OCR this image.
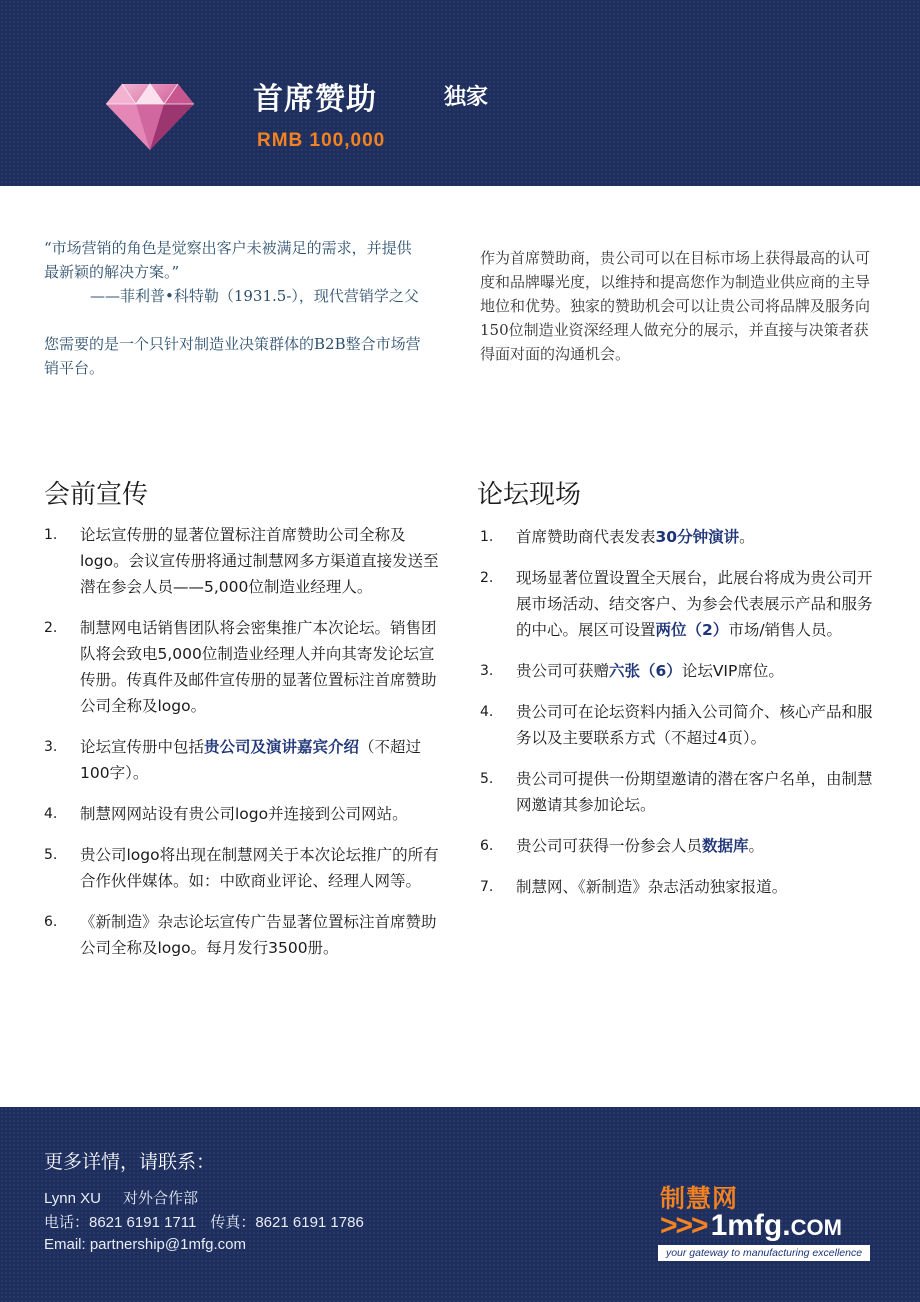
首席赞助	独家
RMB 100,000
“市场营销的角色是觉察出客户未被满足的需求，并提供最新颖的解决方案。”
——菲利普•科特勒（1931.5-），现代营销学之父
您需要的是一个只针对制造业决策群体的B2B整合市场营销平台。
作为首席赞助商，贵公司可以在目标市场上获得最高的认可度和品牌曝光度，以维持和提高您作为制造业供应商的主导地位和优势。独家的赞助机会可以让贵公司将品牌及服务向150位制造业资深经理人做充分的展示，并直接与决策者获得面对面的沟通机会。
会前宣传	论坛现场
1. 论坛宣传册的显著位置标注首席赞助公司全称及logo。会议宣传册将通过制慧网多方渠道直接发送至潜在参会人员——5,000位制造业经理人。
2. 制慧网电话销售团队将会密集推广本次论坛。销售团队将会致电5,000位制造业经理人并向其寄发论坛宣传册。传真件及邮件宣传册的显著位置标注首席赞助公司全称及logo。
3. 论坛宣传册中包括贵公司及演讲嘉宾介绍（不超过100字）。
4. 制慧网网站设有贵公司logo并连接到公司网站。
5. 贵公司logo将出现在制慧网关于本次论坛推广的所有合作伙伴媒体。如：中欧商业评论、经理人网等。
6. 《新制造》杂志论坛宣传广告显著位置标注首席赞助公司全称及logo。每月发行3500册。
1. 首席赞助商代表发表30分钟演讲。
2. 现场显著位置设置全天展台，此展台将成为贵公司开展市场活动、结交客户、为参会代表展示产品和服务的中心。展区可设置两位（2）市场/销售人员。
3. 贵公司可获赠六张（6）论坛VIP席位。
4. 贵公司可在论坛资料内插入公司简介、核心产品和服务以及主要联系方式（不超过4页）。
5. 贵公司可提供一份期望邀请的潜在客户名单，由制慧网邀请其参加论坛。
6. 贵公司可获得一份参会人员数据库。
7. 制慧网、《新制造》杂志活动独家报道。
更多详情，请联系：
Lynn XU 对外合作部
电话：8621 6191 1711 传真：8621 6191 1786
Email: partnership@1mfg.com
制慧网
>>> 1mfg.COM
your gateway to manufacturing excellence
